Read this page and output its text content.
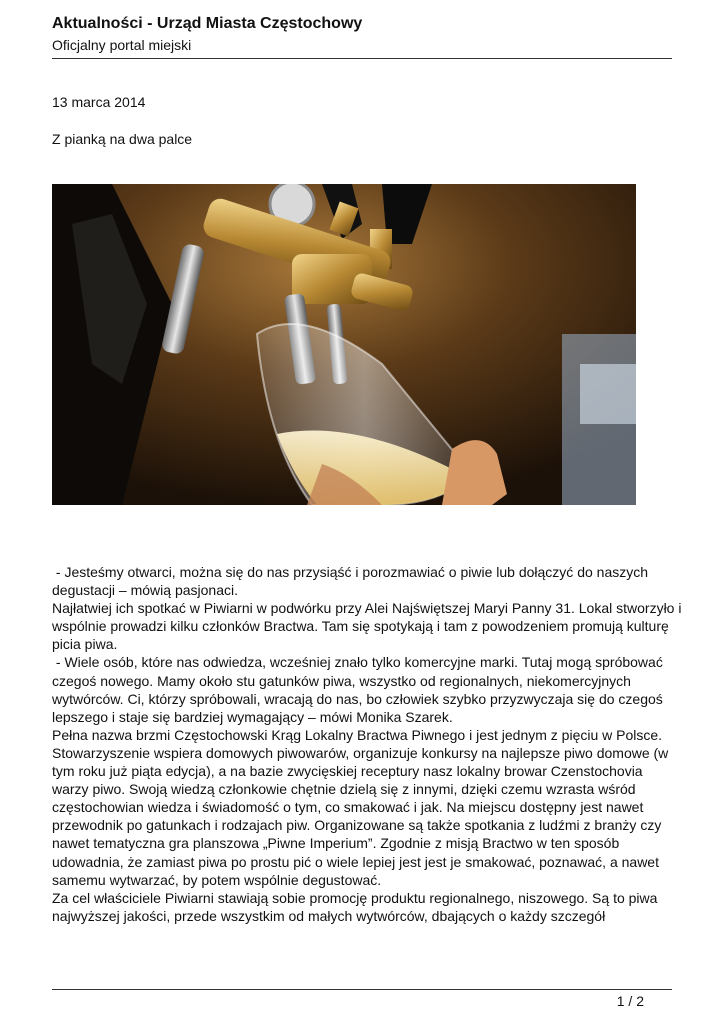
Aktualności - Urząd Miasta Częstochowy
Oficjalny portal miejski
13 marca 2014
Z pianką na dwa palce

- Jesteśmy otwarci, można się do nas przysiąść i porozmawiać o piwie lub dołączyć do naszych degustacji – mówią pasjonaci.

Najłatwiej ich spotkać w Piwiarni w podwórku przy Alei Najświętszej Maryi Panny 31. Lokal stworzyło i wspólnie prowadzi kilku członków Bractwa. Tam się spotykają i tam z powodzeniem promują kulturę picia piwa.

- Wiele osób, które nas odwiedza, wcześniej znało tylko komercyjne marki. Tutaj mogą spróbować czegoś nowego. Mamy około stu gatunków piwa, wszystko od regionalnych, niekomercyjnych wytwórców. Ci, którzy spróbowali, wracają do nas, bo człowiek szybko przyzwyczaja się do czegoś lepszego i staje się bardziej wymagający – mówi Monika Szarek.

Pełna nazwa brzmi Częstochowski Krąg Lokalny Bractwa Piwnego i jest jednym z pięciu w Polsce. Stowarzyszenie wspiera domowych piwowarów, organizuje konkursy na najlepsze piwo domowe (w tym roku już piąta edycja), a na bazie zwycięskiej receptury nasz lokalny browar Czenstochovia warzy piwo. Swoją wiedzą członkowie chętnie dzielą się z innymi, dzięki czemu wzrasta wśród częstochowian wiedza i świadomość o tym, co smakować i jak. Na miejscu dostępny jest nawet przewodnik po gatunkach i rodzajach piw. Organizowane są także spotkania z ludźmi z branży czy nawet tematyczna gra planszowa „Piwne Imperium”. Zgodnie z misją Bractwo w ten sposób udowadnia, że zamiast piwa po prostu pić o wiele lepiej jest jest je smakować, poznawać, a nawet samemu wytwarzać, by potem wspólnie degustować.

Za cel właściciele Piwiarni stawiają sobie promocję produktu regionalnego, niszowego. Są to piwa najwyższej jakości, przede wszystkim od małych wytwórców, dbających o każdy szczegół

1 / 2
